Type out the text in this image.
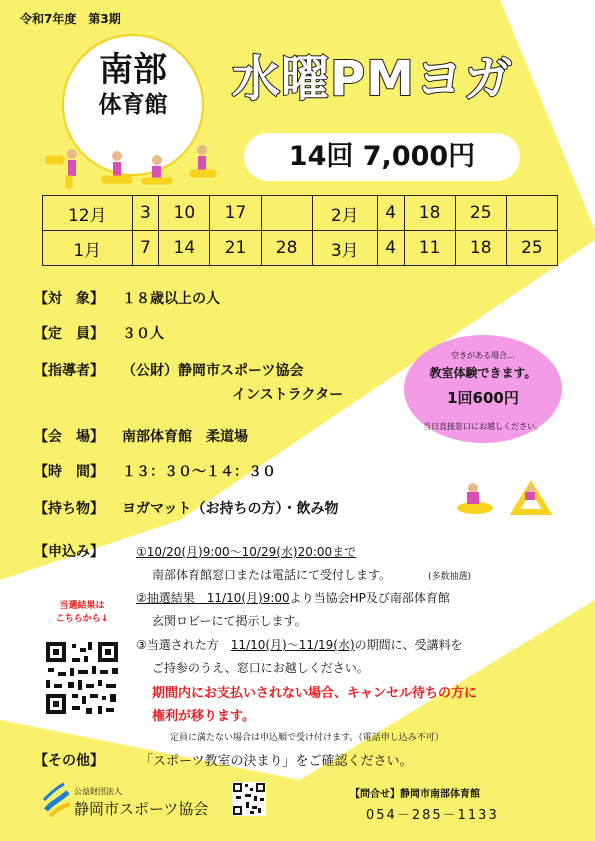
令和7年度　第3期
南部
体育館	水曜PMヨガ
14回 7,000円
12月	3	10	17		2月	4	18	25	
1月	7	14	21	28	3月	4	11	18	25
【対　象】 １８歳以上の人
【定　員】 ３０人
【指導者】 （公財）静岡市スポーツ協会
インストラクター
【会　場】 南部体育館　柔道場
【時　間】 １３：３０～１４：３０
【持ち物】 ヨガマット（お持ちの方）・飲み物
空きがある場合…
教室体験できます。
1回600円
当日直接窓口にお越しください。
【申込み】	①10/20(月)9:00～10/29(水)20:00まで
南部体育館窓口または電話にて受付します。	(多数抽選)
②抽選結果　11/10(月)9:00より当協会HP及び南部体育館
玄関ロビーにて掲示します。
③当選された方　11/10(月)～11/19(水)の期間に、受講料を
ご持参のうえ、窓口にお越しください。
期間内にお支払いされない場合、キャンセル待ちの方に
権利が移ります。
定員に満たない場合は申込順で受け付けます。（電話申し込み不可）
当選結果は
こちらから↓
【その他】	「スポーツ教室の決まり」をご確認ください。
公益財団法人
静岡市スポーツ協会
【問合せ】静岡市南部体育館
054－285－1133
